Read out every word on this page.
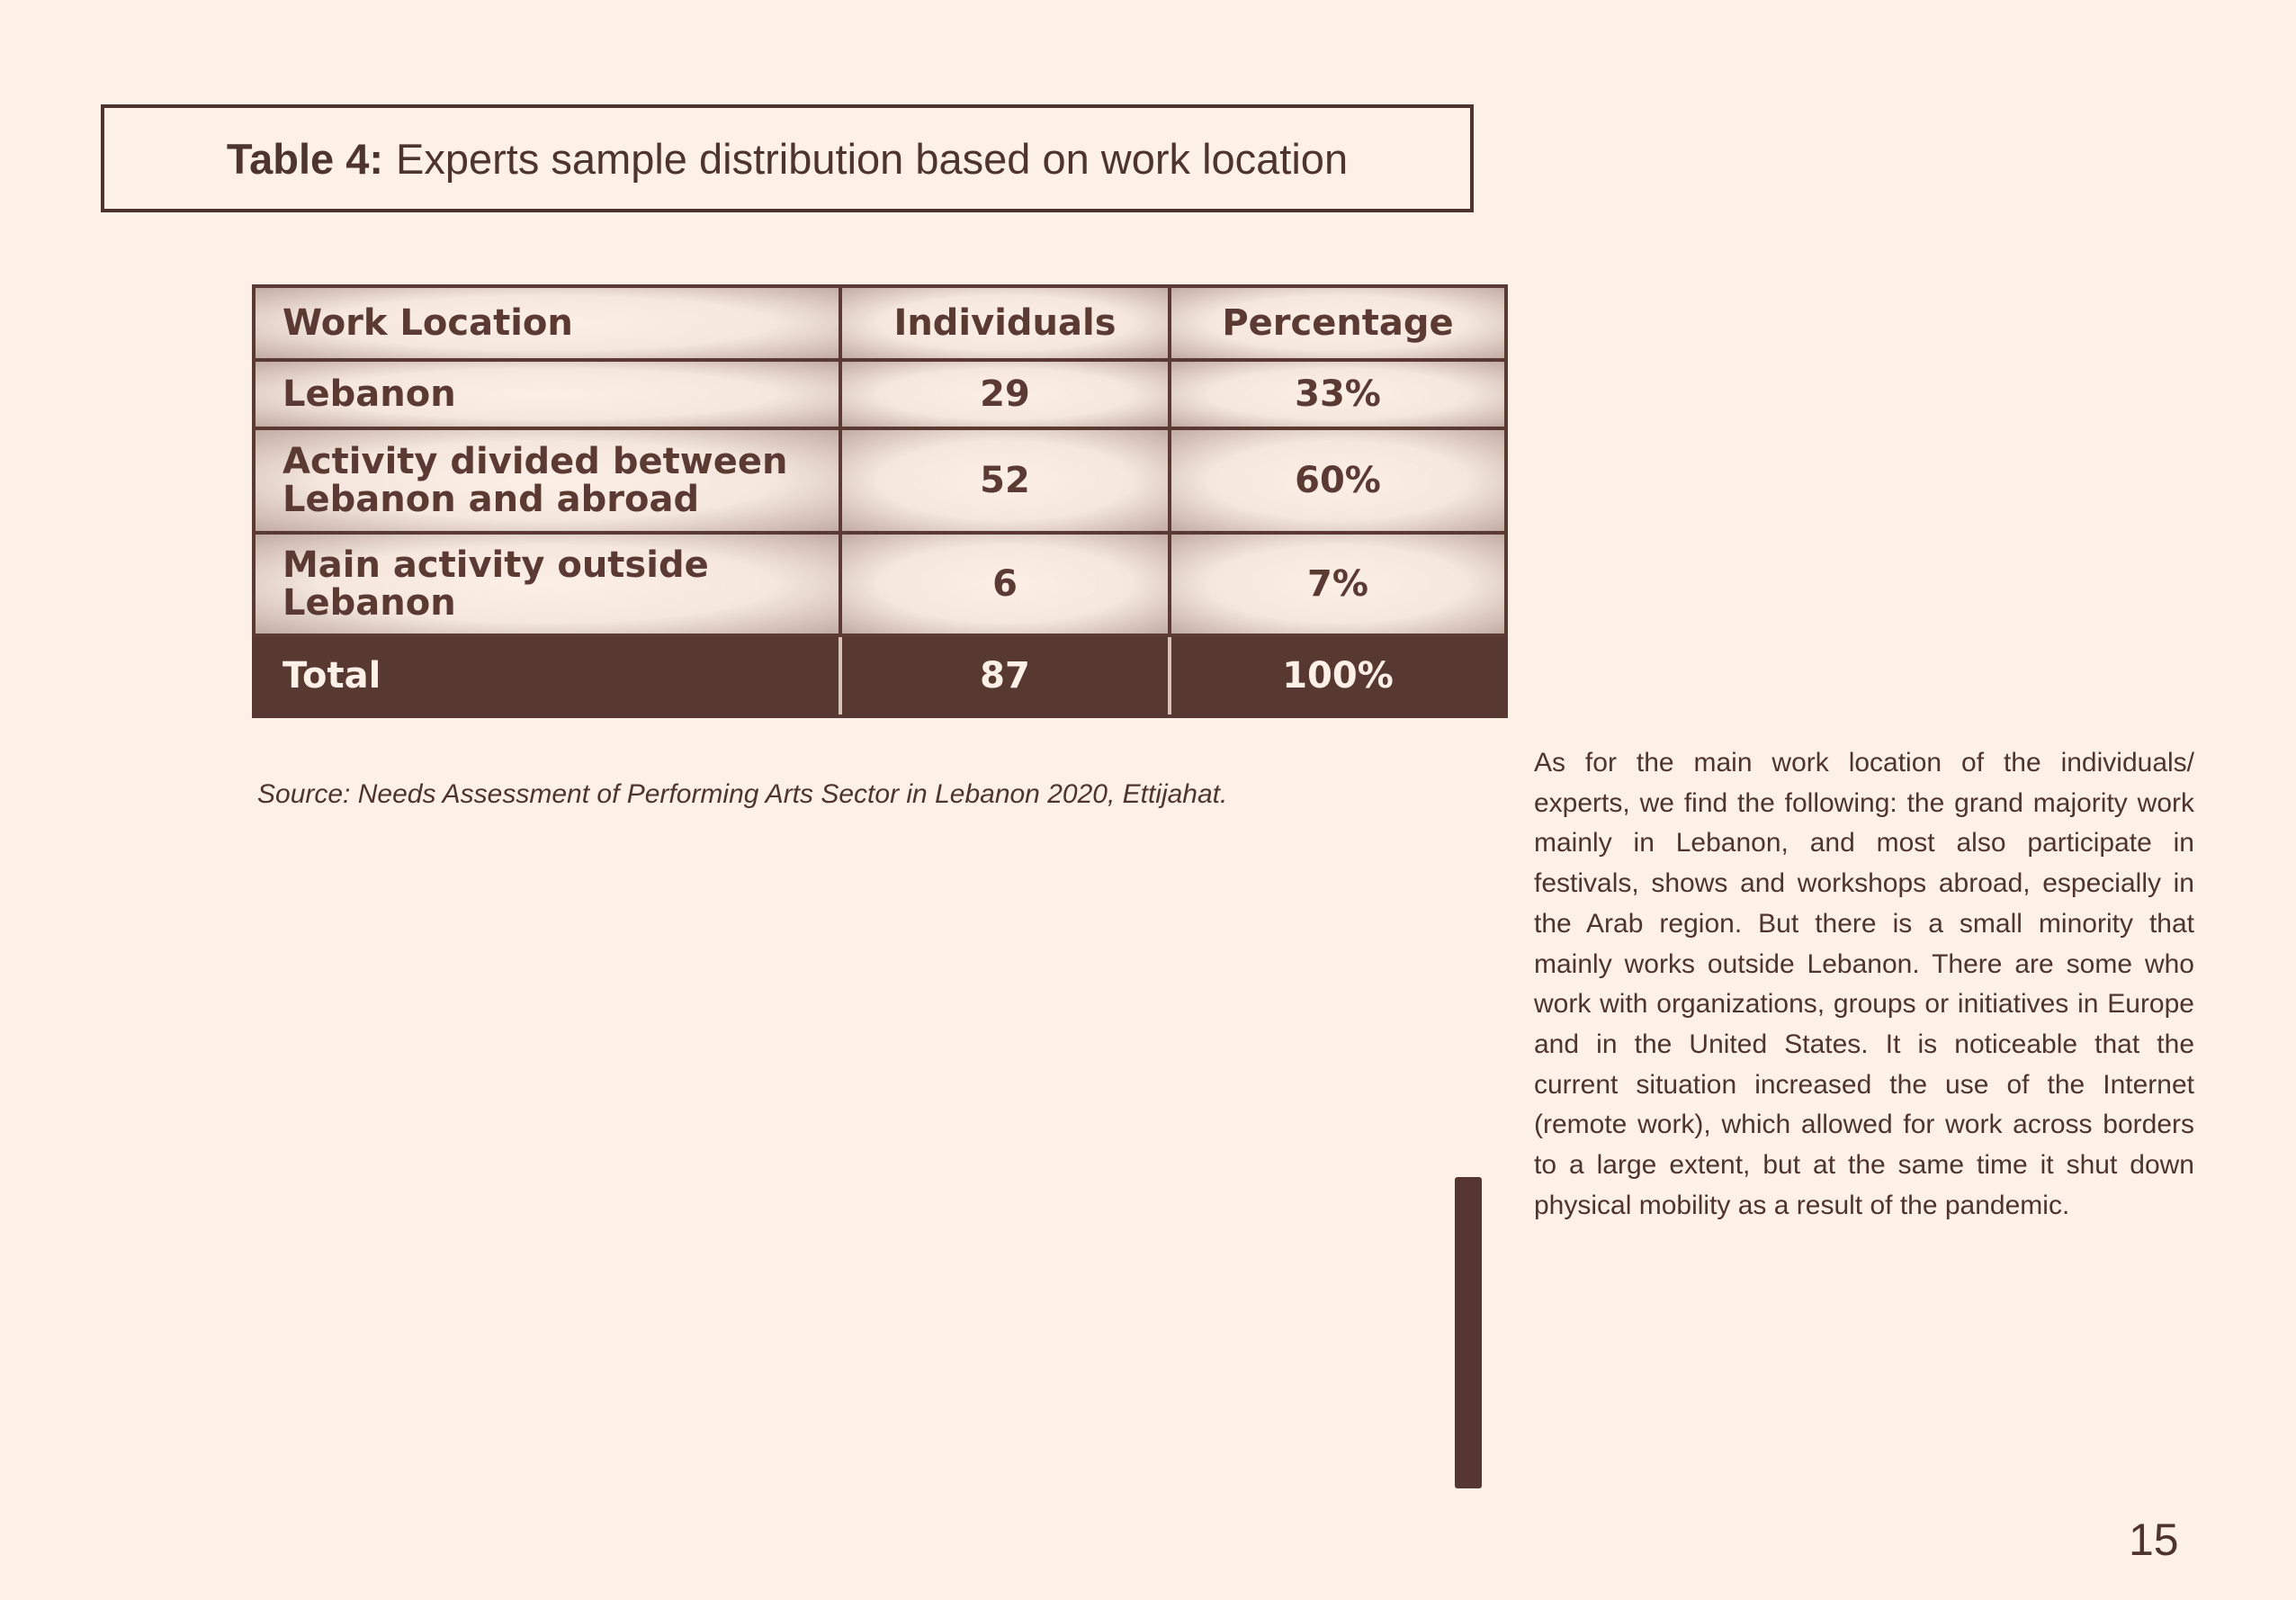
Table 4: Experts sample distribution based on work location
Work Location	Individuals	Percentage
Lebanon	29	33%
Activity divided between Lebanon and abroad	52	60%
Main activity outside Lebanon	6	7%
Total	87	100%
Source: Needs Assessment of Performing Arts Sector in Lebanon 2020, Ettijahat.

As for the main work location of the individuals/ experts, we find the following: the grand majority work mainly in Lebanon, and most also participate in festivals, shows and workshops abroad, especially in the Arab region. But there is a small minority that mainly works outside Lebanon. There are some who work with organizations, groups or initiatives in Europe and in the United States. It is noticeable that the current situation increased the use of the Internet (remote work), which allowed for work across borders to a large extent, but at the same time it shut down physical mobility as a result of the pandemic.

15
